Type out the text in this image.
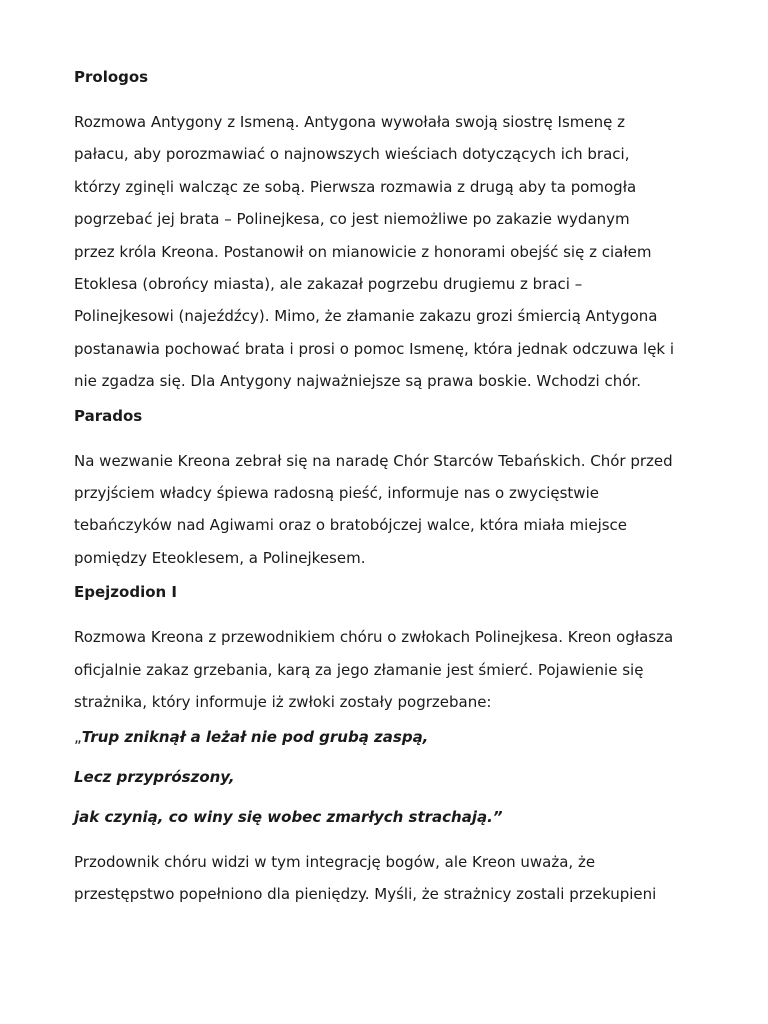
Prologos
Rozmowa Antygony z Ismeną. Antygona wywołała swoją siostrę Ismenę z
pałacu, aby porozmawiać o najnowszych wieściach dotyczących ich braci,
którzy zginęli walcząc ze sobą. Pierwsza rozmawia z drugą aby ta pomogła
pogrzebać jej brata – Polinejkesa, co jest niemożliwe po zakazie wydanym
przez króla Kreona. Postanowił on mianowicie z honorami obejść się z ciałem
Etoklesa (obrońcy miasta), ale zakazał pogrzebu drugiemu z braci –
Polinejkesowi (najeźdźcy). Mimo, że złamanie zakazu grozi śmiercią Antygona
postanawia pochować brata i prosi o pomoc Ismenę, która jednak odczuwa lęk i
nie zgadza się. Dla Antygony najważniejsze są prawa boskie. Wchodzi chór.
Parados
Na wezwanie Kreona zebrał się na naradę Chór Starców Tebańskich. Chór przed
przyjściem władcy śpiewa radosną pieść, informuje nas o zwycięstwie
tebańczyków nad Agiwami oraz o bratobójczej walce, która miała miejsce
pomiędzy Eteoklesem, a Polinejkesem.
Epejzodion I
Rozmowa Kreona z przewodnikiem chóru o zwłokach Polinejkesa. Kreon ogłasza
oficjalnie zakaz grzebania, karą za jego złamanie jest śmierć. Pojawienie się
strażnika, który informuje iż zwłoki zostały pogrzebane:
„Trup zniknął a leżał nie pod grubą zaspą,
Lecz przyprószony,
jak czynią, co winy się wobec zmarłych strachają.”
Przodownik chóru widzi w tym integrację bogów, ale Kreon uważa, że
przestępstwo popełniono dla pieniędzy. Myśli, że strażnicy zostali przekupieni
